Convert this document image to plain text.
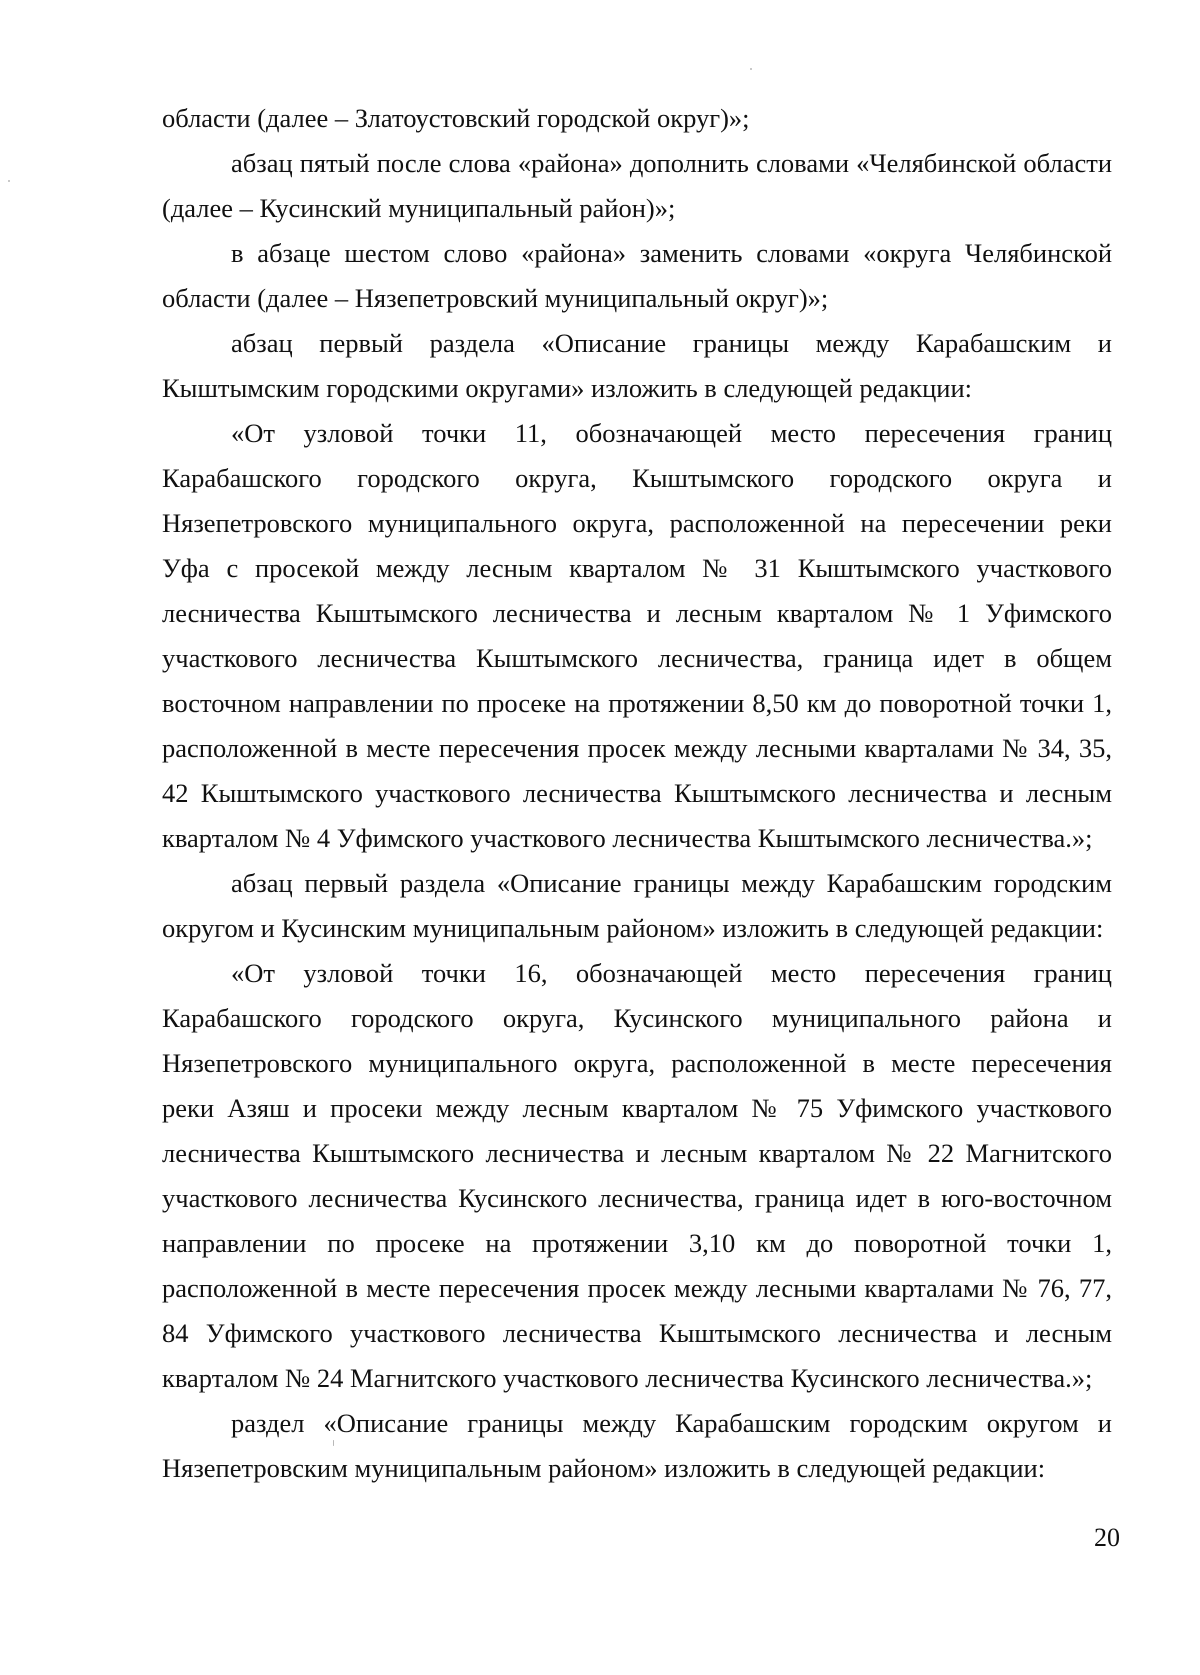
области (далее – Златоустовский городской округ)»;

абзац пятый после слова «района» дополнить словами «Челябинской области (далее – Кусинский муниципальный район)»;

в абзаце шестом слово «района» заменить словами «округа Челябинской области (далее – Нязепетровский муниципальный округ)»;

абзац первый раздела «Описание границы между Карабашским и Кыштымским городскими округами» изложить в следующей редакции:

«От узловой точки 11, обозначающей место пересечения границ Карабашского городского округа, Кыштымского городского округа и Нязепетровского муниципального округа, расположенной на пересечении реки Уфа с просекой между лесным кварталом № 31 Кыштымского участкового лесничества Кыштымского лесничества и лесным кварталом № 1 Уфимского участкового лесничества Кыштымского лесничества, граница идет в общем восточном направлении по просеке на протяжении 8,50 км до поворотной точки 1, расположенной в месте пересечения просек между лесными кварталами № 34, 35, 42 Кыштымского участкового лесничества Кыштымского лесничества и лесным кварталом № 4 Уфимского участкового лесничества Кыштымского лесничества.»;

абзац первый раздела «Описание границы между Карабашским городским округом и Кусинским муниципальным районом» изложить в следующей редакции:

«От узловой точки 16, обозначающей место пересечения границ Карабашского городского округа, Кусинского муниципального района и Нязепетровского муниципального округа, расположенной в месте пересечения реки Азяш и просеки между лесным кварталом № 75 Уфимского участкового лесничества Кыштымского лесничества и лесным кварталом № 22 Магнитского участкового лесничества Кусинского лесничества, граница идет в юго-восточном направлении по просеке на протяжении 3,10 км до поворотной точки 1, расположенной в месте пересечения просек между лесными кварталами № 76, 77, 84 Уфимского участкового лесничества Кыштымского лесничества и лесным кварталом № 24 Магнитского участкового лесничества Кусинского лесничества.»;

раздел «Описание границы между Карабашским городским округом и Нязепетровским муниципальным районом» изложить в следующей редакции:

20
